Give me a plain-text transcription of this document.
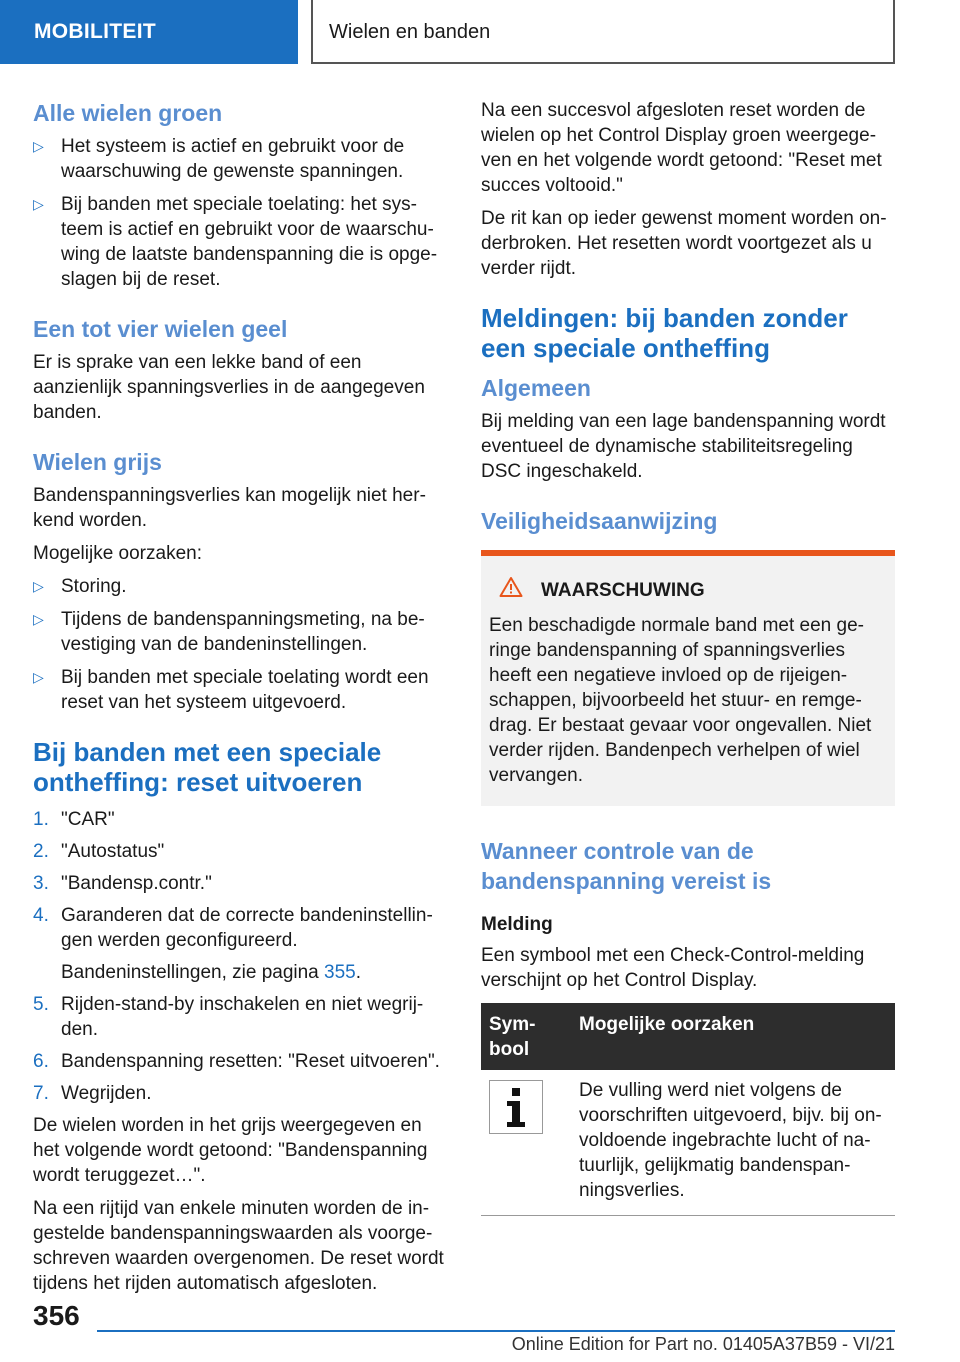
MOBILITEIT	Wielen en banden
Alle wielen groen
▷ Het systeem is actief en gebruikt voor de waarschuwing de gewenste spanningen.
▷ Bij banden met speciale toelating: het systeem is actief en gebruikt voor de waarschuwing de laatste bandenspanning die is opgeslagen bij de reset.
Een tot vier wielen geel

Er is sprake van een lekke band of een aanzienlijk spanningsverlies in de aangegeven banden.

Wielen grijs

Bandenspanningsverlies kan mogelijk niet herkend worden.

Mogelijke oorzaken:

▷ Storing.
▷ Tijdens de bandenspanningsmeting, na bevestiging van de bandeninstellingen.
▷ Bij banden met speciale toelating wordt een reset van het systeem uitgevoerd.
Bij banden met een speciale ontheffing: reset uitvoeren
1. "CAR"
2. "Autostatus"
3. "Bandensp.contr."
4. Garanderen dat de correcte bandeninstellingen werden geconfigureerd.
Bandeninstellingen, zie pagina 355.
5. Rijden-stand-by inschakelen en niet wegrijden.
6. Bandenspanning resetten: "Reset uitvoeren".
7. Wegrijden.

De wielen worden in het grijs weergegeven en het volgende wordt getoond: "Bandenspanning wordt teruggezet…".

Na een rijtijd van enkele minuten worden de ingestelde bandenspanningswaarden als voorgeschreven waarden overgenomen. De reset wordt tijdens het rijden automatisch afgesloten.

Na een succesvol afgesloten reset worden de wielen op het Control Display groen weergegeven en het volgende wordt getoond: "Reset met succes voltooid."

De rit kan op ieder gewenst moment worden onderbroken. Het resetten wordt voortgezet als u verder rijdt.

Meldingen: bij banden zonder een speciale ontheffing
Algemeen

Bij melding van een lage bandenspanning wordt eventueel de dynamische stabiliteitsregeling DSC ingeschakeld.

Veiligheidsaanwijzing
WAARSCHUWING

Een beschadigde normale band met een geringe bandenspanning of spanningsverlies heeft een negatieve invloed op de rijeigenschappen, bijvoorbeeld het stuur- en remgedrag. Er bestaat gevaar voor ongevallen. Niet verder rijden. Bandenpech verhelpen of wiel vervangen.

Wanneer controle van de bandenspanning vereist is
Melding

Een symbool met een Check-Control-melding verschijnt op het Control Display.

Symbool	Mogelijke oorzaken

	De vulling werd niet volgens de voorschriften uitgevoerd, bijv. bij onvoldoende ingebrachte lucht of natuurlijk, gelijkmatig bandenspanningsverlies.
356
Online Edition for Part no. 01405A37B59 - VI/21
